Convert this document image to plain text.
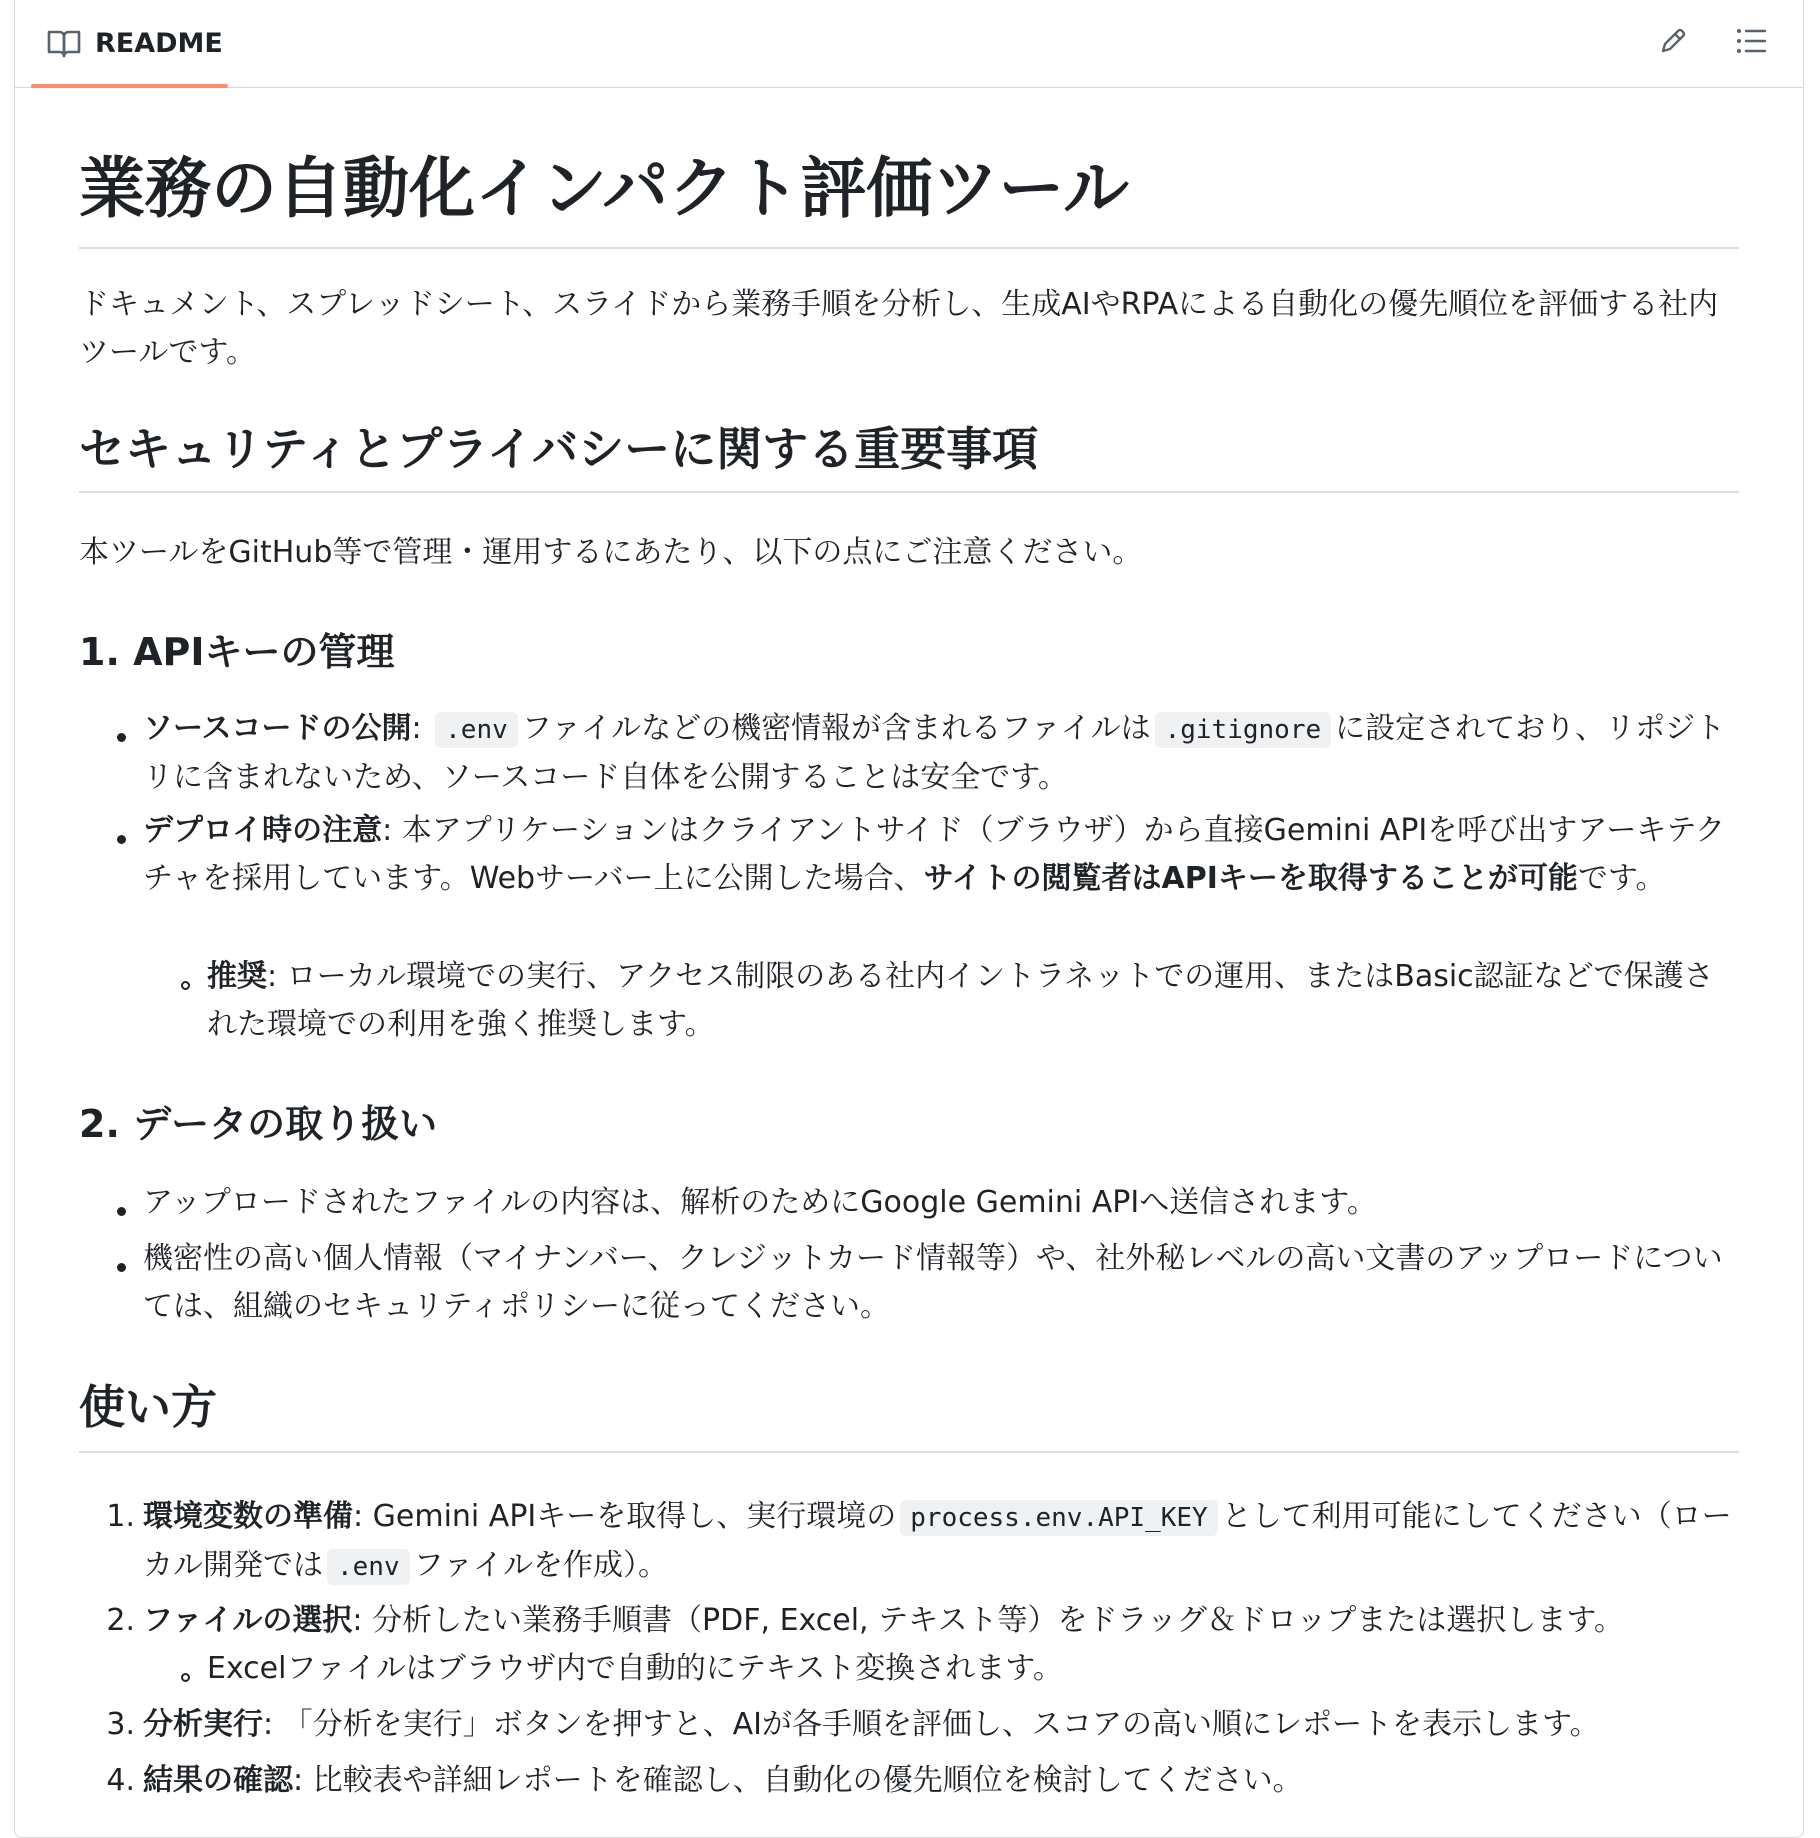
README
業務の自動化インパクト評価ツール
ドキュメント、スプレッドシート、スライドから業務手順を分析し、生成AIやRPAによる自動化の優先順位を評価する社内ツールです。
セキュリティとプライバシーに関する重要事項
本ツールをGitHub等で管理・運用するにあたり、以下の点にご注意ください。
1. APIキーの管理
ソースコードの公開: .env ファイルなどの機密情報が含まれるファイルは .gitignore に設定されており、リポジトリに含まれないため、ソースコード自体を公開することは安全です。
デプロイ時の注意: 本アプリケーションはクライアントサイド（ブラウザ）から直接Gemini APIを呼び出すアーキテクチャを採用しています。Webサーバー上に公開した場合、サイトの閲覧者はAPIキーを取得することが可能です。
推奨: ローカル環境での実行、アクセス制限のある社内イントラネットでの運用、またはBasic認証などで保護された環境での利用を強く推奨します。
2. データの取り扱い
アップロードされたファイルの内容は、解析のためにGoogle Gemini APIへ送信されます。
機密性の高い個人情報（マイナンバー、クレジットカード情報等）や、社外秘レベルの高い文書のアップロードについては、組織のセキュリティポリシーに従ってください。
使い方
1. 環境変数の準備: Gemini APIキーを取得し、実行環境の process.env.API_KEY として利用可能にしてください（ローカル開発では .env ファイルを作成）。
2. ファイルの選択: 分析したい業務手順書（PDF, Excel, テキスト等）をドラッグ＆ドロップまたは選択します。
Excelファイルはブラウザ内で自動的にテキスト変換されます。
3. 分析実行: 「分析を実行」ボタンを押すと、AIが各手順を評価し、スコアの高い順にレポートを表示します。
4. 結果の確認: 比較表や詳細レポートを確認し、自動化の優先順位を検討してください。
